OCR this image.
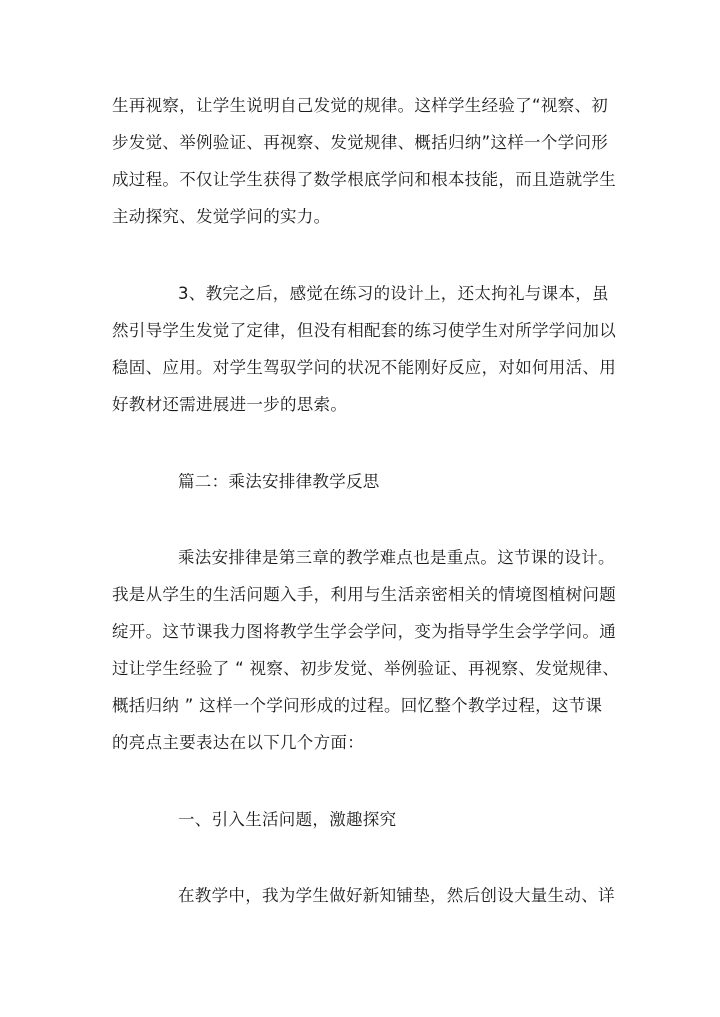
生再视察，让学生说明自己发觉的规律。这样学生经验了“视察、初
步发觉、举例验证、再视察、发觉规律、概括归纳”这样一个学问形
成过程。不仅让学生获得了数学根底学问和根本技能，而且造就学生
主动探究、发觉学问的实力。
3、教完之后，感觉在练习的设计上，还太拘礼与课本，虽
然引导学生发觉了定律，但没有相配套的练习使学生对所学学问加以
稳固、应用。对学生驾驭学问的状况不能刚好反应，对如何用活、用
好教材还需进展进一步的思索。
篇二：乘法安排律教学反思
乘法安排律是第三章的教学难点也是重点。这节课的设计。
我是从学生的生活问题入手，利用与生活亲密相关的情境图植树问题
绽开。这节课我力图将教学生学会学问，变为指导学生会学学问。通
过让学生经验了 “ 视察、初步发觉、举例验证、再视察、发觉规律、
概括归纳 ” 这样一个学问形成的过程。回忆整个教学过程，这节课
的亮点主要表达在以下几个方面：
一、引入生活问题，激趣探究
在教学中，我为学生做好新知铺垫，然后创设大量生动、详
